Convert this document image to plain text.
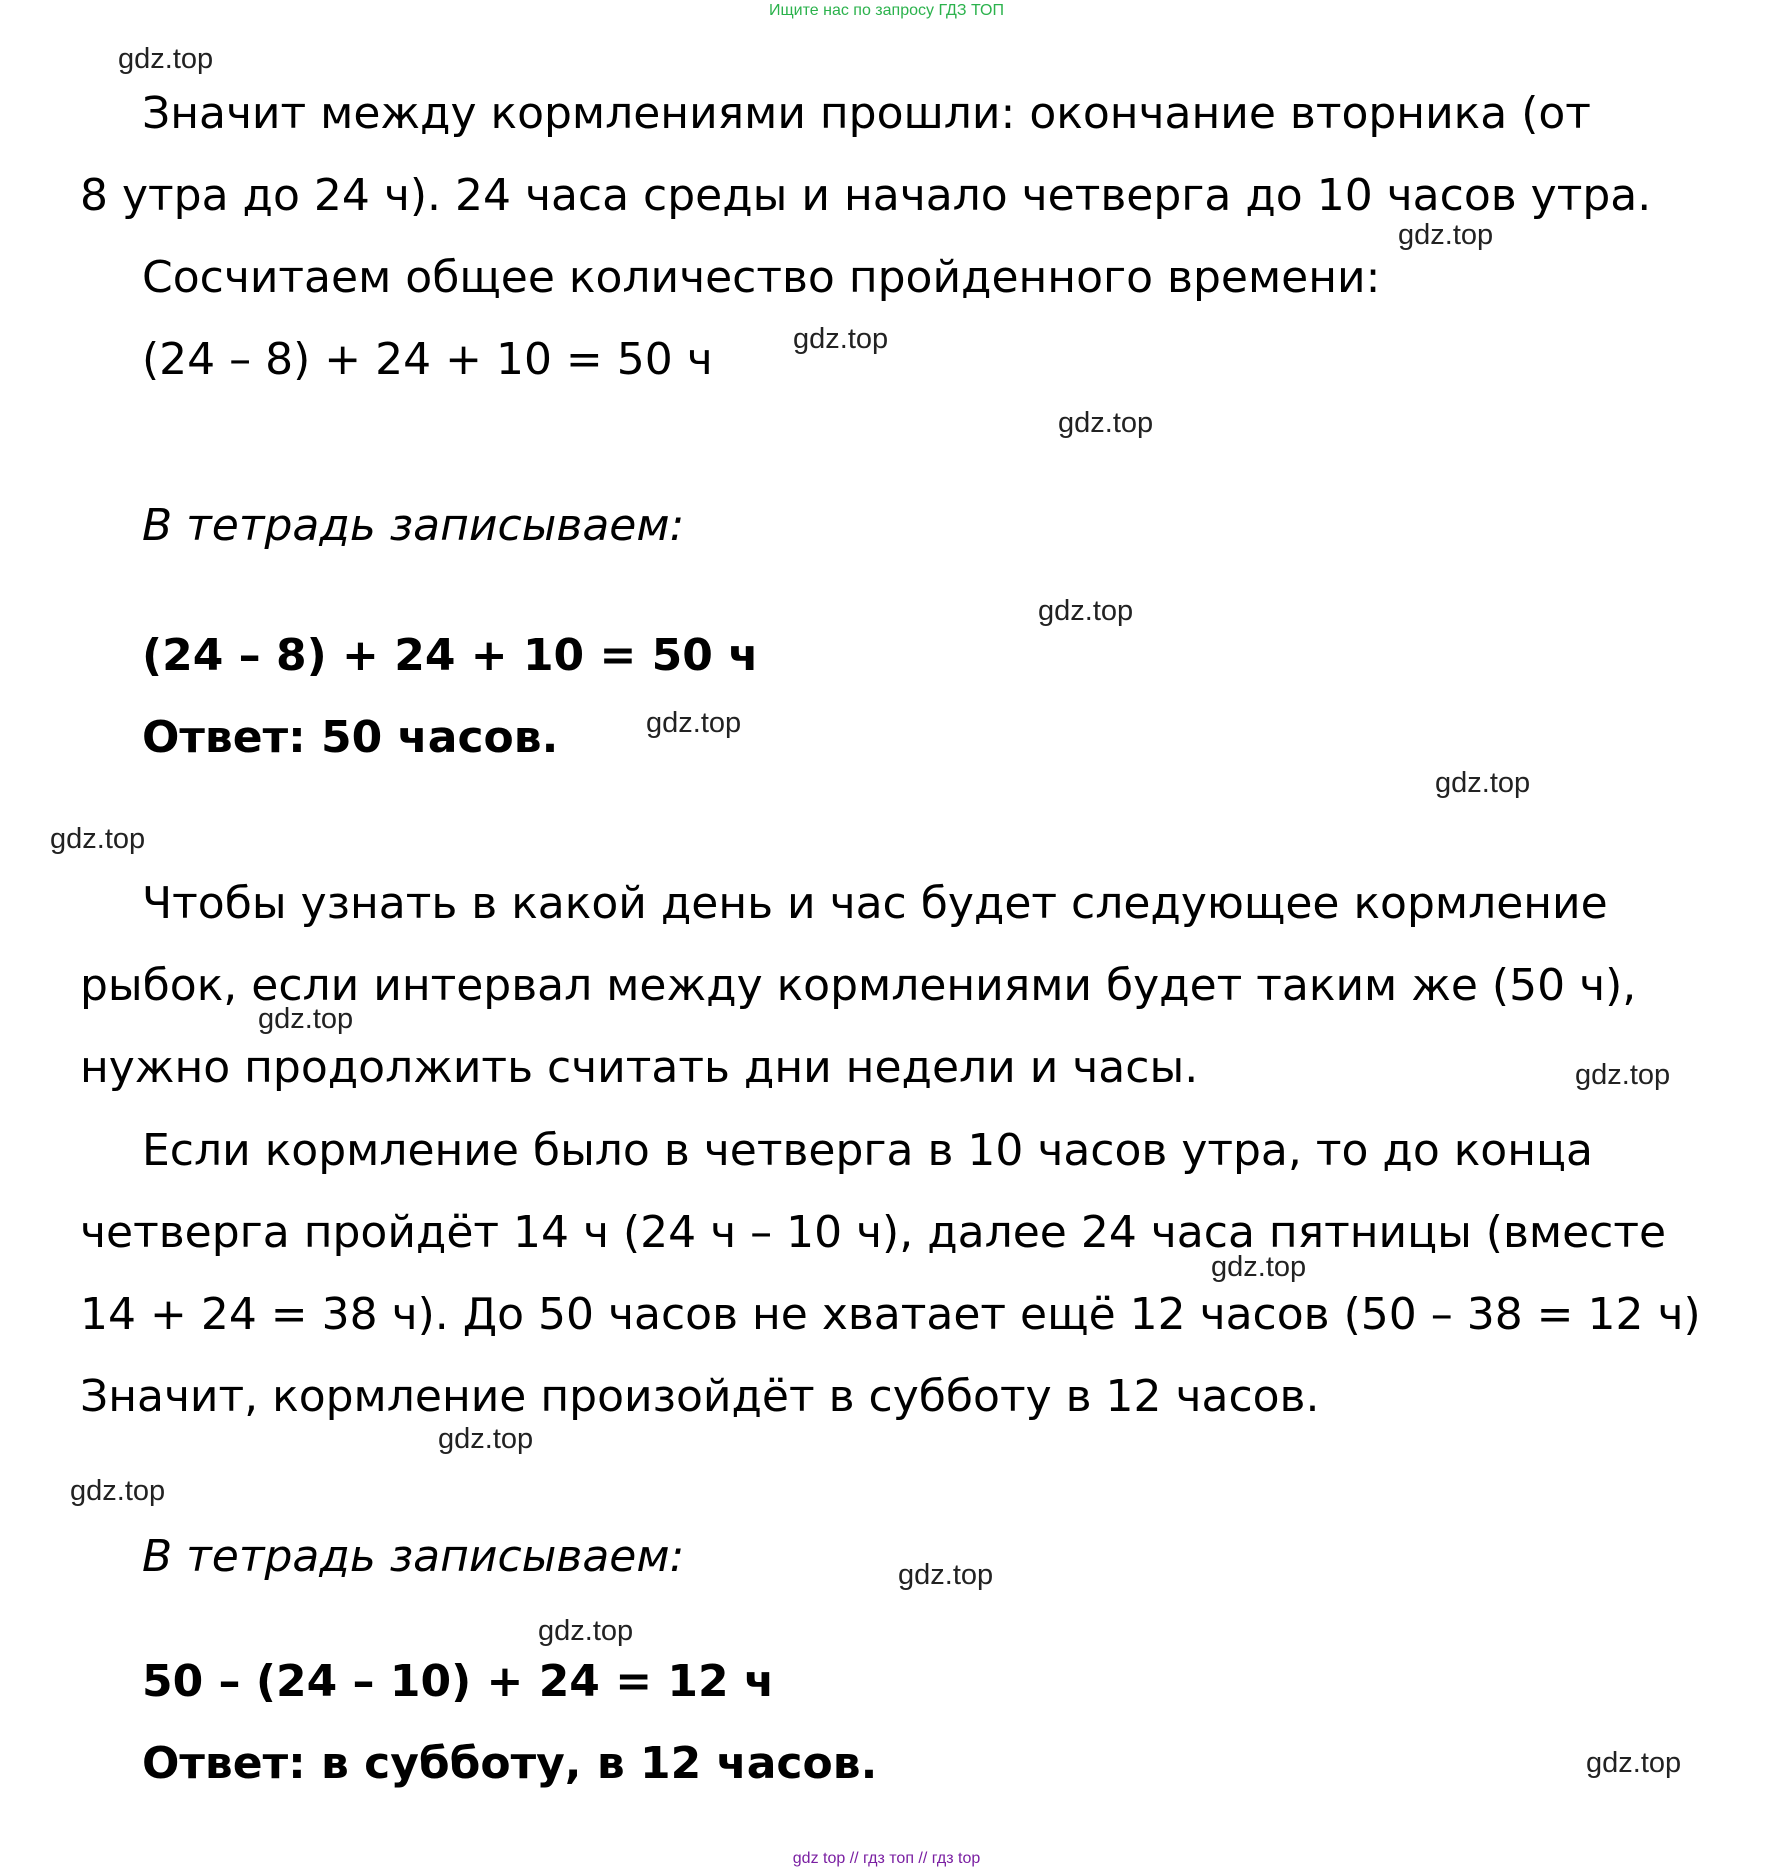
Ищите нас по запросу ГДЗ ТОП
Значит между кормлениями прошли: окончание вторника (от
8 утра до 24 ч). 24 часа среды и начало четверга до 10 часов утра.
Сосчитаем общее количество пройденного времени:
(24 – 8) + 24 + 10 = 50 ч
В тетрадь записываем:
(24 – 8) + 24 + 10 = 50 ч
Ответ: 50 часов.
Чтобы узнать в какой день и час будет следующее кормление
рыбок, если интервал между кормлениями будет таким же (50 ч),
нужно продолжить считать дни недели и часы.
Если кормление было в четверга в 10 часов утра, то до конца
четверга пройдёт 14 ч (24 ч – 10 ч), далее 24 часа пятницы (вместе
14 + 24 = 38 ч). До 50 часов не хватает ещё 12 часов (50 – 38 = 12 ч)
Значит, кормление произойдёт в субботу в 12 часов.
В тетрадь записываем:
50 – (24 – 10) + 24 = 12 ч
Ответ: в субботу, в 12 часов.
gdz.top
gdz.top
gdz.top
gdz.top
gdz.top
gdz.top
gdz.top
gdz.top
gdz.top
gdz.top
gdz.top
gdz.top
gdz.top
gdz.top
gdz.top
gdz.top
gdz top // гдз топ // гдз top
